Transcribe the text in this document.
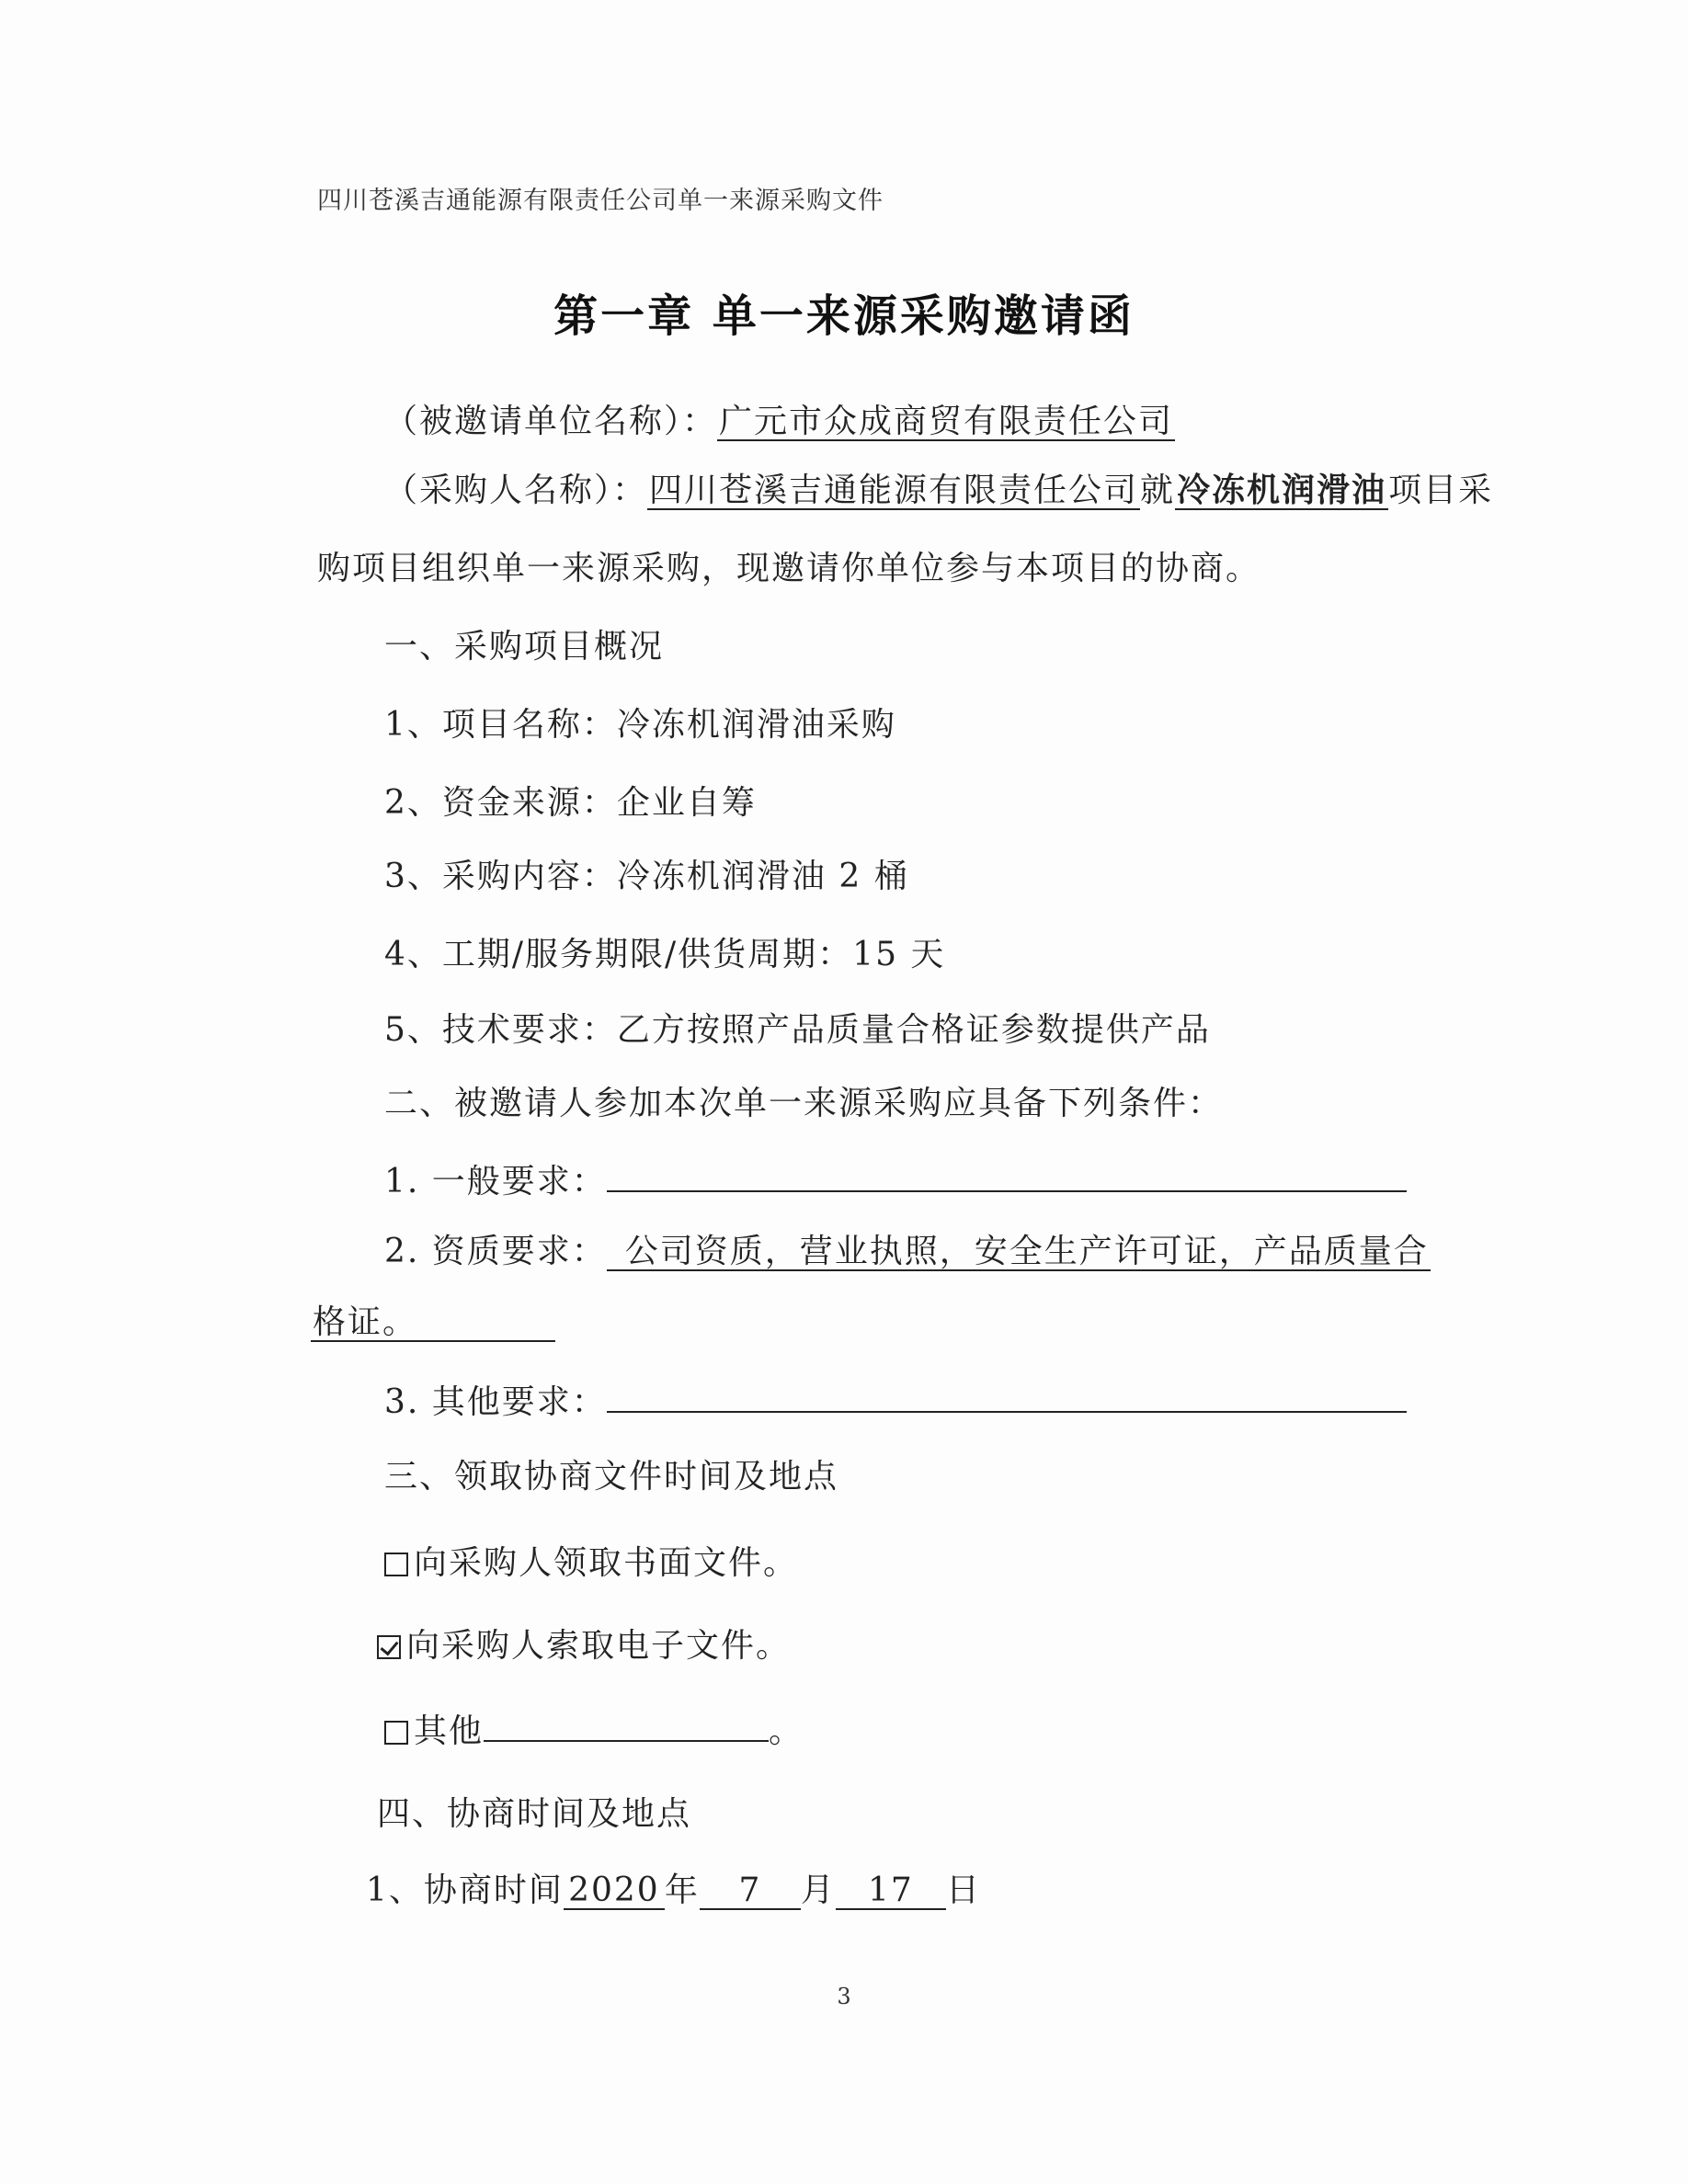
四川苍溪吉通能源有限责任公司单一来源采购文件
第一章 单一来源采购邀请函
（被邀请单位名称）：广元市众成商贸有限责任公司
（采购人名称）：四川苍溪吉通能源有限责任公司就冷冻机润滑油项目采
购项目组织单一来源采购，现邀请你单位参与本项目的协商。
一、采购项目概况
1、项目名称：冷冻机润滑油采购
2、资金来源：企业自筹
3、采购内容：冷冻机润滑油 2 桶
4、工期/服务期限/供货周期：15 天
5、技术要求：乙方按照产品质量合格证参数提供产品
二、被邀请人参加本次单一来源采购应具备下列条件：
1. 一般要求：
2. 资质要求： 公司资质，营业执照，安全生产许可证，产品质量合
格证。
3. 其他要求：
三、领取协商文件时间及地点
向采购人领取书面文件。
向采购人索取电子文件。
其他	。
四、协商时间及地点
1、协商时间 2020 年 7 月 17 日
3
